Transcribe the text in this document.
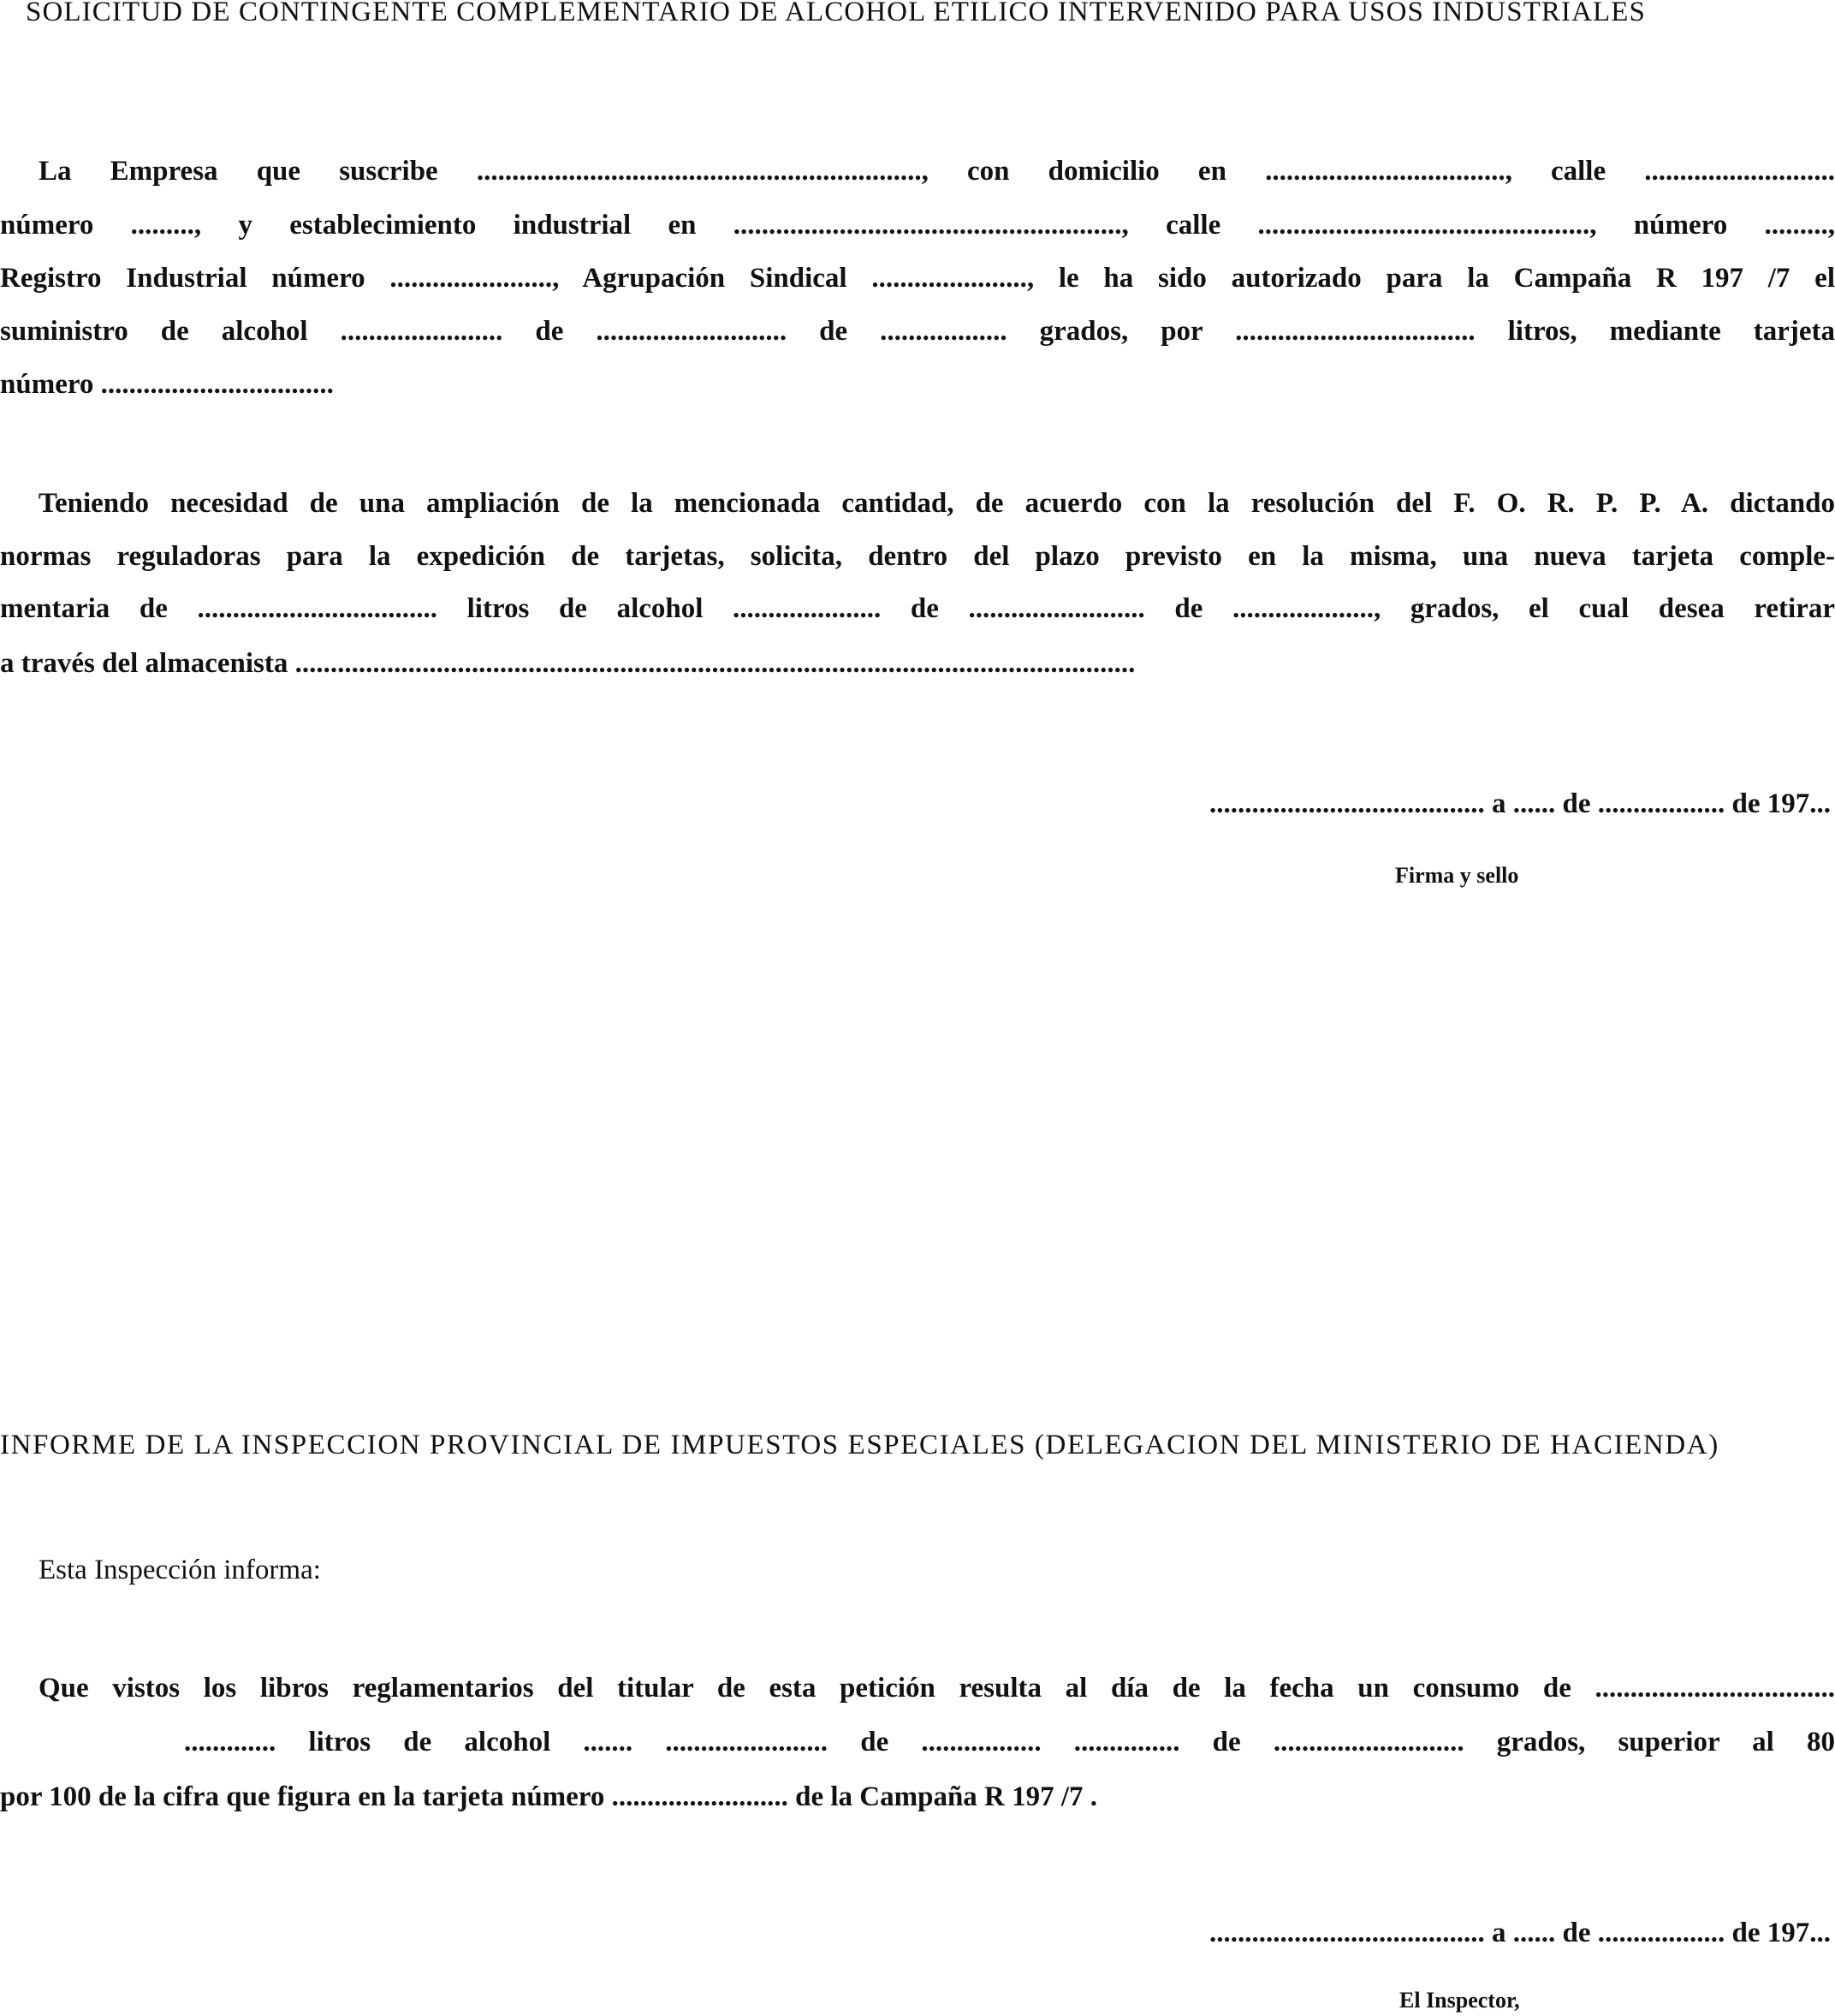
SOLICITUD DE CONTINGENTE COMPLEMENTARIO DE ALCOHOL ETILICO INTERVENIDO PARA USOS INDUSTRIALES
La Empresa que suscribe ..............................................................., con domicilio en .................................., calle ...........................
número ........., y establecimiento industrial en ......................................................., calle ..............................................., número .........,
Registro Industrial número ......................., Agrupación Sindical ......................, le ha sido autorizado para la Campaña R 197 /7 el
suministro de alcohol ....................... de ........................... de .................. grados, por .................................. litros, mediante tarjeta
número .................................
Teniendo necesidad de una ampliación de la mencionada cantidad, de acuerdo con la resolución del F. O. R. P. P. A. dictando
normas reguladoras para la expedición de tarjetas, solicita, dentro del plazo previsto en la misma, una nueva tarjeta comple-
mentaria de .................................. litros de alcohol ..................... de ......................... de ...................., grados, el cual desea retirar
a través del almacenista .......................................................................................................................
....................................... a ...... de .................. de 197...
Firma y sello
INFORME DE LA INSPECCION PROVINCIAL DE IMPUESTOS ESPECIALES (DELEGACION DEL MINISTERIO DE HACIENDA)
Esta Inspección informa:
Que vistos los libros reglamentarios del titular de esta petición resulta al día de la fecha un consumo de ..................................
............. litros de alcohol ....... ....................... de ................. ............... de ........................... grados, superior al 80
por 100 de la cifra que figura en la tarjeta número ......................... de la Campaña R 197 /7 .
....................................... a ...... de .................. de 197...
El Inspector,
